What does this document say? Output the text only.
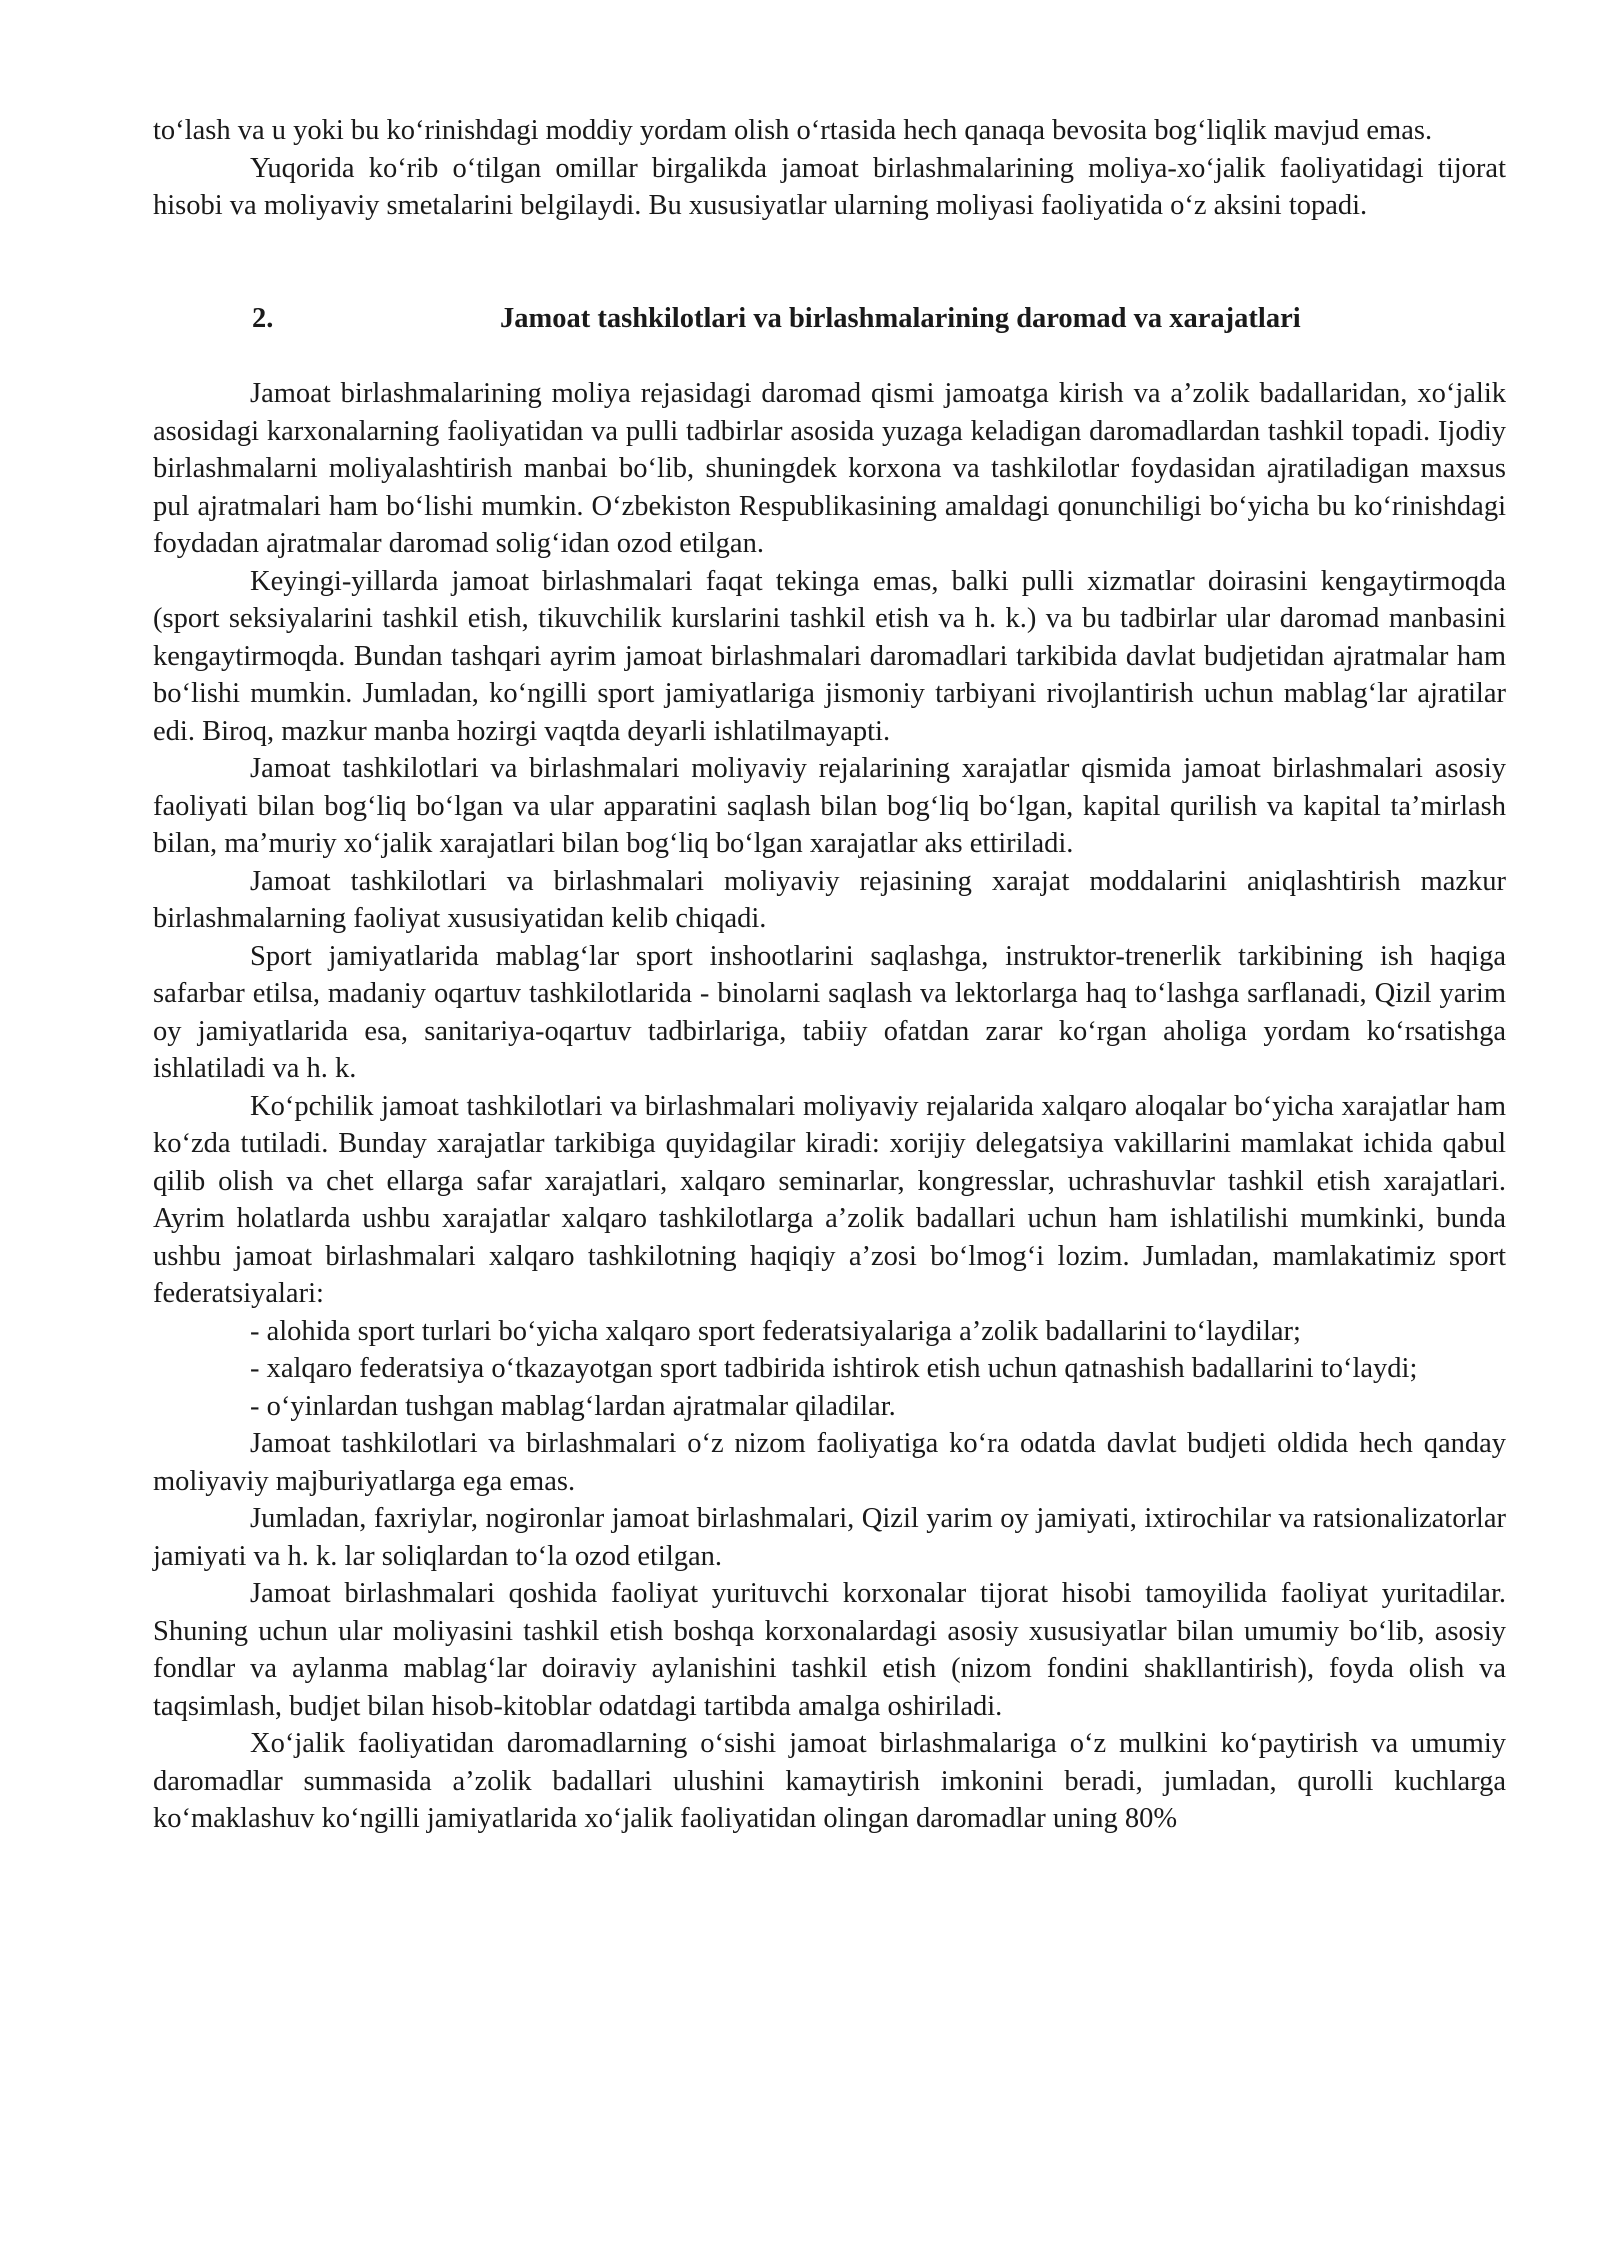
to‘lash va u yoki bu ko‘rinishdagi moddiy yordam olish o‘rtasida hech qanaqa bevosita bog‘liqlik mavjud emas.

Yuqorida ko‘rib o‘tilgan omillar birgalikda jamoat birlashmalarining moliya-xo‘jalik faoliyatidagi tijorat hisobi va moliyaviy smetalarini belgilaydi. Bu xususiyatlar ularning moliyasi faoliyatida o‘z aksini topadi.

2.	Jamoat tashkilotlari va birlashmalarining daromad va xarajatlari

Jamoat birlashmalarining moliya rejasidagi daromad qismi jamoatga kirish va a’zolik badallaridan, xo‘jalik asosidagi karxonalarning faoliyatidan va pulli tadbirlar asosida yuzaga keladigan daromadlardan tashkil topadi. Ijodiy birlashmalarni moliyalashtirish manbai bo‘lib, shuningdek korxona va tashkilotlar foydasidan ajratiladigan maxsus pul ajratmalari ham bo‘lishi mumkin. O‘zbekiston Respublikasining amaldagi qonunchiligi bo‘yicha bu ko‘rinishdagi foydadan ajratmalar daromad solig‘idan ozod etilgan.

Keyingi-yillarda jamoat birlashmalari faqat tekinga emas, balki pulli xizmatlar doirasini kengaytirmoqda (sport seksiyalarini tashkil etish, tikuvchilik kurslarini tashkil etish va h. k.) va bu tadbirlar ular daromad manbasini kengaytirmoqda. Bundan tashqari ayrim jamoat birlashmalari daromadlari tarkibida davlat budjetidan ajratmalar ham bo‘lishi mumkin. Jumladan, ko‘ngilli sport jamiyatlariga jismoniy tarbiyani rivojlantirish uchun mablag‘lar ajratilar edi. Biroq, mazkur manba hozirgi vaqtda deyarli ishlatilmayapti.

Jamoat tashkilotlari va birlashmalari moliyaviy rejalarining xarajatlar qismida jamoat birlashmalari asosiy faoliyati bilan bog‘liq bo‘lgan va ular apparatini saqlash bilan bog‘liq bo‘lgan, kapital qurilish va kapital ta’mirlash bilan, ma’muriy xo‘jalik xarajatlari bilan bog‘liq bo‘lgan xarajatlar aks ettiriladi.

Jamoat tashkilotlari va birlashmalari moliyaviy rejasining xarajat moddalarini aniqlashtirish mazkur birlashmalarning faoliyat xususiyatidan kelib chiqadi.

Sport jamiyatlarida mablag‘lar sport inshootlarini saqlashga, instruktor-trenerlik tarkibining ish haqiga safarbar etilsa, madaniy oqartuv tashkilotlarida - binolarni saqlash va lektorlarga haq to‘lashga sarflanadi, Qizil yarim oy jamiyatlarida esa, sanitariya-oqartuv tadbirlariga, tabiiy ofatdan zarar ko‘rgan aholiga yordam ko‘rsatishga ishlatiladi va h. k.

Ko‘pchilik jamoat tashkilotlari va birlashmalari moliyaviy rejalarida xalqaro aloqalar bo‘yicha xarajatlar ham ko‘zda tutiladi. Bunday xarajatlar tarkibiga quyidagilar kiradi: xorijiy delegatsiya vakillarini mamlakat ichida qabul qilib olish va chet ellarga safar xarajatlari, xalqaro seminarlar, kongresslar, uchrashuvlar tashkil etish xarajatlari. Ayrim holatlarda ushbu xarajatlar xalqaro tashkilotlarga a’zolik badallari uchun ham ishlatilishi mumkinki, bunda ushbu jamoat birlashmalari xalqaro tashkilotning haqiqiy a’zosi bo‘lmog‘i lozim. Jumladan, mamlakatimiz sport federatsiyalari:

- alohida sport turlari bo‘yicha xalqaro sport federatsiyalariga a’zolik badallarini to‘laydilar;

- xalqaro federatsiya o‘tkazayotgan sport tadbirida ishtirok etish uchun qatnashish badallarini to‘laydi;

- o‘yinlardan tushgan mablag‘lardan ajratmalar qiladilar.

Jamoat tashkilotlari va birlashmalari o‘z nizom faoliyatiga ko‘ra odatda davlat budjeti oldida hech qanday moliyaviy majburiyatlarga ega emas.

Jumladan, faxriylar, nogironlar jamoat birlashmalari, Qizil yarim oy jamiyati, ixtirochilar va ratsionalizatorlar jamiyati va h. k. lar soliqlardan to‘la ozod etilgan.

Jamoat birlashmalari qoshida faoliyat yurituvchi korxonalar tijorat hisobi tamoyilida faoliyat yuritadilar. Shuning uchun ular moliyasini tashkil etish boshqa korxonalardagi asosiy xususiyatlar bilan umumiy bo‘lib, asosiy fondlar va aylanma mablag‘lar doiraviy aylanishini tashkil etish (nizom fondini shakllantirish), foyda olish va taqsimlash, budjet bilan hisob-kitoblar odatdagi tartibda amalga oshiriladi.

Xo‘jalik faoliyatidan daromadlarning o‘sishi jamoat birlashmalariga o‘z mulkini ko‘paytirish va umumiy daromadlar summasida a’zolik badallari ulushini kamaytirish imkonini beradi, jumladan, qurolli kuchlarga ko‘maklashuv ko‘ngilli jamiyatlarida xo‘jalik faoliyatidan olingan daromadlar uning 80%
